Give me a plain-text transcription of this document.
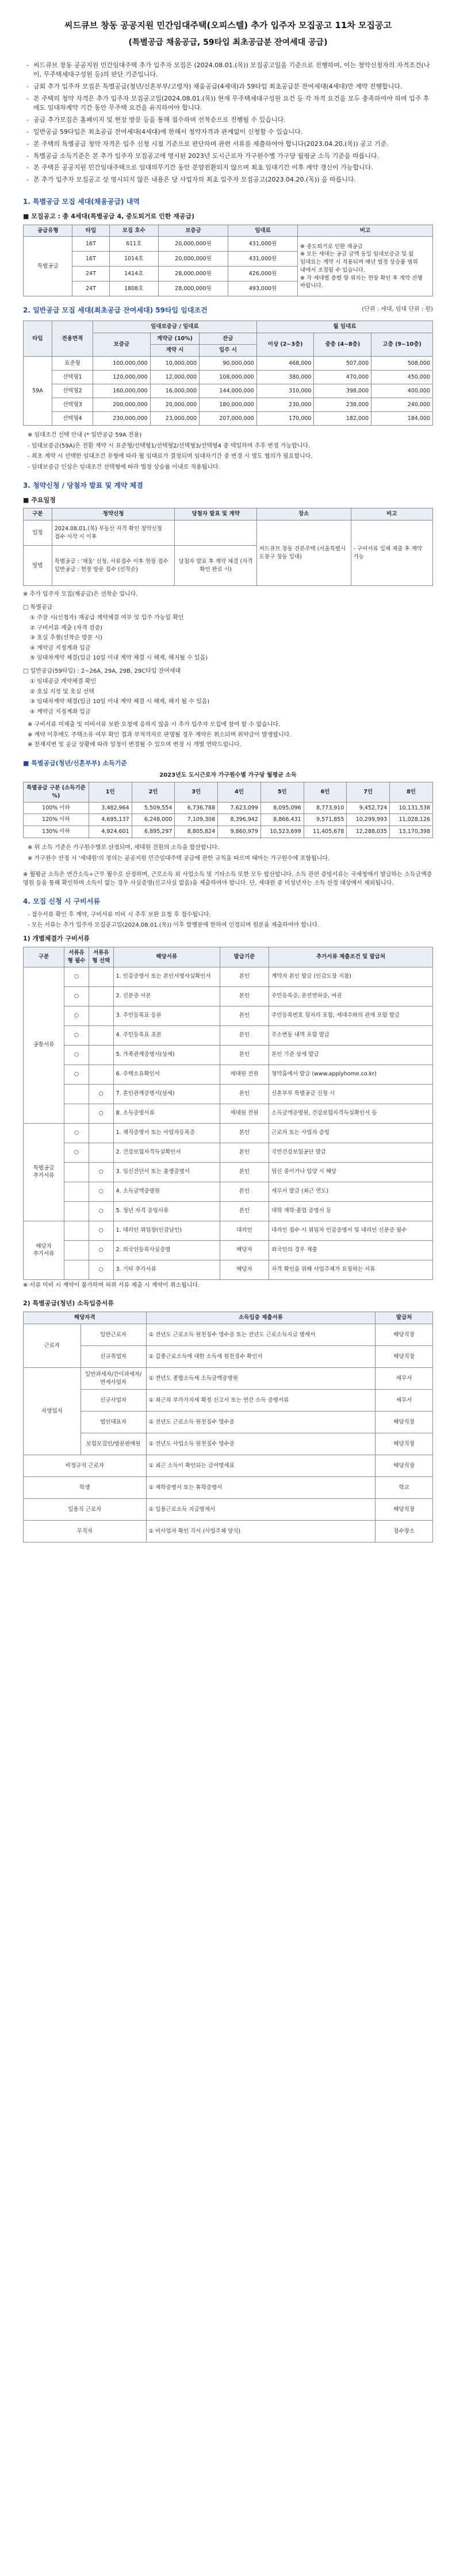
씨드큐브 창동 공공지원 민간임대주택(오피스텔) 추가 입주자 모집공고 11차 모집공고
(특별공급 채움공급, 59타입 최초공급분 잔여세대 공급)
- 씨드큐브 창동 공공지원 민간임대주택 추가 입주자 모집은 (2024.08.01.(목)) 모집공고일을 기준으로 진행하며, 이는 청약신청자의 자격조건(나이, 무주택세대구성원 등)의 판단 기준입니다.
- 금회 추가 입주자 모집은 특별공급(청년/신혼부부/고령자) 채움공급(4세대)과 59타입 최초공급분 잔여세대(4세대)만 계약 진행합니다.
- 본 주택의 청약 자격은 추가 입주자 모집공고일(2024.08.01.(목)) 현재 무주택세대구성원 요건 등 각 자격 요건을 모두 충족하여야 하며 입주 후에도 임대차계약 기간 동안 무주택 요건을 유지하여야 합니다.
- 공급 추가모집은 홈페이지 및 현장 방문 등을 통해 접수하며 선착순으로 진행될 수 있습니다.
- 일반공급 59타입은 최초공급 잔여세대(4세대)에 한해서 청약자격과 관계없이 신청할 수 있습니다.
- 본 주택의 특별공급 청약 자격은 입주 신청 시점 기준으로 판단하며 관련 서류를 제출하여야 합니다(2023.04.20.(목)) 공고 기준.
- 특별공급 소득기준은 본 추가 입주자 모집공고에 명시된 2023년 도시근로자 가구원수별 가구당 월평균 소득 기준을 따릅니다.
- 본 주택은 공공지원 민간임대주택으로 임대의무기간 동안 분양전환되지 않으며 최초 임대기간 이후 계약 갱신이 가능합니다.
- 본 추가 입주자 모집공고 상 명시되지 않은 내용은 당 사업자의 최초 입주자 모집공고(2023.04.20.(목)) 을 따릅니다.
1. 특별공급 모집 세대(채움공급) 내역
■ 모집공고 : 총 4세대(특별공급 4, 중도퇴거로 인한 재공급)
공급유형	타입	모집 호수	보증금	임대료	비고
특별공급	16T	611호	20,000,000원	431,000원	※ 중도퇴거로 인한 재공급
※ 모든 세대는 공급 금액 동일 임대보증금 및 월 임대료는 계약 시 적용되며 매년 법정 상승률 범위 내에서 조정될 수 있습니다.
※ 각 세대별 층별 향 위치는 현장 확인 후 계약 진행 바랍니다.
	16T	1014호	20,000,000원	431,000원	
	24T	1414호	28,000,000원	426,000원	
	24T	1808호	28,000,000원	493,000원	
2. 일반공급 모집 세대(최초공급 잔여세대) 59타입 임대조건	(단위 : 세대, 임대 단위 : 원)
타입	전용면적	임대보증금 / 임대료			월 임대료		
		보증금	계약금 (10%)	잔금	이상 (2~3층)	중층 (4~8층)	고층 (9~10층)
			계약 시	입주 시			
59A	표준형	100,000,000	10,000,000	90,000,000	468,000	507,000	508,000
	선택형1	120,000,000	12,000,000	108,000,000	380,000	470,000	450,000
	선택형2	160,000,000	16,000,000	144,000,000	310,000	398,000	400,000
	선택형3	200,000,000	20,000,000	180,000,000	230,000	238,000	240,000
	선택형4	230,000,000	23,000,000	207,000,000	170,000	182,000	184,000
※ 임대조건 선택 안내 (* 일반공급 59A 전용)
- 임대보증금(59A)은 전환 계약 시 표준형/선택형1/선택형2/선택형3/선택형4 중 택일하며 추후 변경 가능합니다.
- 최초 계약 시 선택한 임대조건 유형에 따라 월 임대료가 결정되며 임대차기간 중 변경 시 별도 협의가 필요합니다.
- 임대보증금 인상은 임대조건 선택형에 따라 법정 상승률 이내로 적용됩니다.
3. 청약신청 / 당첨자 발표 및 계약 체결
■ 주요일정
구분	청약신청	당첨자 발표 및 계약	장소	비고
일정	2024.08.01.(목) 부동산 자격 확인 청약신청 접수 시작 시 이후		씨드큐브 창동 견본주택 (서울특별시 도봉구 창동 일대)	- 구비서류 일체 제출 후 계약 가능
방법	특별공급 : '채움' 신청, 서류접수 이후 현장 접수
일반공급 : 현장 방문 접수 (선착순)	당첨자 발표 후 계약 체결 (자격 확인 완료 시)		
※ 추가 입주자 모집(재공급)은 선착순 입니다.
□ 특별공급
① 주장 시(신청자) 재공급 계약체결 여부 및 입주 가능일 확인
② 구비서류 제출 (자격 검증)
③ 호실 추첨(선착순 방문 시)
④ 계약금 지정계좌 입금
⑤ 임대차계약 체결(입금 10일 이내 계약 체결 시 해제, 해지될 수 있음)
□ 일반공급(59타입) : 2~26A, 29A, 29B, 29C타입 잔여세대
① 임대공급 계약체결 확인
② 호실 지정 및 호실 선택
③ 임대차계약 체결(입금 10일 이내 계약 체결 시 해제, 해지 될 수 있음)
④ 계약금 지정계좌 입금
※ 구비서류 미제출 및 미비서류 보완 요청에 응하지 않을 시 추가 입주자 모집에 참여 할 수 없습니다.
※ 계약 이후에도 주택소유 여부 확인 결과 부적격자로 판명될 경우 계약은 취소되며 위약금이 발생합니다.
※ 천재지변 및 공급 상황에 따라 일정이 변경될 수 있으며 변경 시 개별 연락드립니다.
■ 특별공급(청년/신혼부부) 소득기준
2023년도 도시근로자 가구원수별 가구당 월평균 소득
특별공급 구분 (소득기준 %)	1인	2인	3인	4인	5인	6인	7인	8인
100% 이하	3,482,964	5,509,554	6,736,788	7,623,099	8,095,096	8,773,910	9,452,724	10,131,538
120% 이하	4,695,137	6,248,000	7,109,308	8,396,942	8,866,431	9,571,855	10,299,993	11,028,126
130% 이하	4,924,601	6,895,297	8,805,824	9,860,979	10,523,699	11,405,678	12,288,035	13,170,398
※ 위 소득 기준은 가구원수별로 산정되며, 세대원 전원의 소득을 합산합니다.
※ 가구원수 산정 시 '세대원'의 정의는 공공지원 민간임대주택 공급에 관한 규칙을 따르며 태아는 가구원수에 포함됩니다.
※ 월평균 소득은 연간소득÷근무 월수로 산정하며, 근로소득 외 사업소득 및 기타소득 또한 모두 합산합니다. 소득 관련 증빙서류는 국세청에서 발급하는 소득금액증명원 등을 통해 확인하며 소득이 없는 경우 사실증명(신고사실 없음)을 제출하여야 합니다. 단, 세대원 중 미성년자는 소득 산정 대상에서 제외됩니다.
4. 모집 신청 시 구비서류
- 접수서류 확인 후 계약, 구비서류 미비 시 추후 보완 요청 후 접수됩니다.
- 모든 서류는 추가 입주자 모집공고일(2024.08.01.(목)) 이후 발행분에 한하여 인정되며 원본을 제출하여야 합니다.
1) 개별체결가 구비서류
구분	서류유형 필수	서류유형 선택	해당서류	발급기준	추가서류 제출조건 및 발급처
공통서류	○		1. 인감증명서 또는 본인서명사실확인서	본인	계약자 본인 발급 (인감도장 지참)
	○		2. 신분증 사본	본인	주민등록증, 운전면허증, 여권
	○		3. 주민등록표 등본	본인	주민등록번호 뒷자리 포함, 세대주와의 관계 포함 발급
	○		4. 주민등록표 초본	본인	주소변동 내역 포함 발급
	○		5. 가족관계증명서(상세)	본인	본인 기준 상세 발급
	○		6. 주택소유확인서	세대원 전원	청약홈에서 발급 (www.applyhome.co.kr)
		○	7. 혼인관계증명서(상세)	본인	신혼부부 특별공급 신청 시
		○	8. 소득증빙서류	세대원 전원	소득금액증명원, 건강보험자격득실확인서 등
특별공급 추가서류	○		1. 재직증명서 또는 사업자등록증	본인	근로자 또는 사업자 증빙
	○		2. 건강보험자격득실확인서	본인	국민건강보험공단 발급
		○	3. 임신진단서 또는 출생증명서	본인	임신 중이거나 입양 시 해당
		○	4. 소득금액증명원	본인	세무서 발급 (최근 연도)
		○	5. 청년 자격 증빙서류	본인	대학 재학·졸업 증명서 등
해당자 추가서류		○	1. 대리인 위임장(인감날인)	대리인	대리인 접수 시 위임자 인감증명서 및 대리인 신분증 필수
		○	2. 외국인등록사실증명	해당자	외국인의 경우 제출
		○	3. 기타 추가서류	해당자	자격 확인을 위해 사업주체가 요청하는 서류
※ 서류 미비 시 계약이 불가하며 허위 서류 제출 시 계약이 취소됩니다.
2) 특별공급(청년) 소득입증서류
해당자격		소득입증 제출서류	발급처
근로자	일반근로자	① 전년도 근로소득 원천징수 영수증 또는 전년도 근로소득지급 명세서	해당직장
	신규취업자	① 갑종근로소득에 대한 소득세 원천징수 확인서	해당직장
자영업자	일반과세자/간이과세자/면세사업자	① 전년도 종합소득세 소득금액증명원	세무서
	신규사업자	① 최근의 부가가치세 확정 신고서 또는 연간 소득 증명서류	세무서
	법인대표자	① 전년도 근로소득 원천징수 영수증	해당직장
	보험모집인/방문판매원	① 전년도 사업소득 원천징수 영수증	해당직장
비정규직 근로자		① 최근 소득이 확인되는 급여명세표	해당직장
학생		① 재학증명서 또는 휴학증명서	학교
일용직 근로자		① 일용근로소득 지급명세서	해당직장
무직자		① 비사업자 확인 각서 (사업주체 양식)	접수장소
